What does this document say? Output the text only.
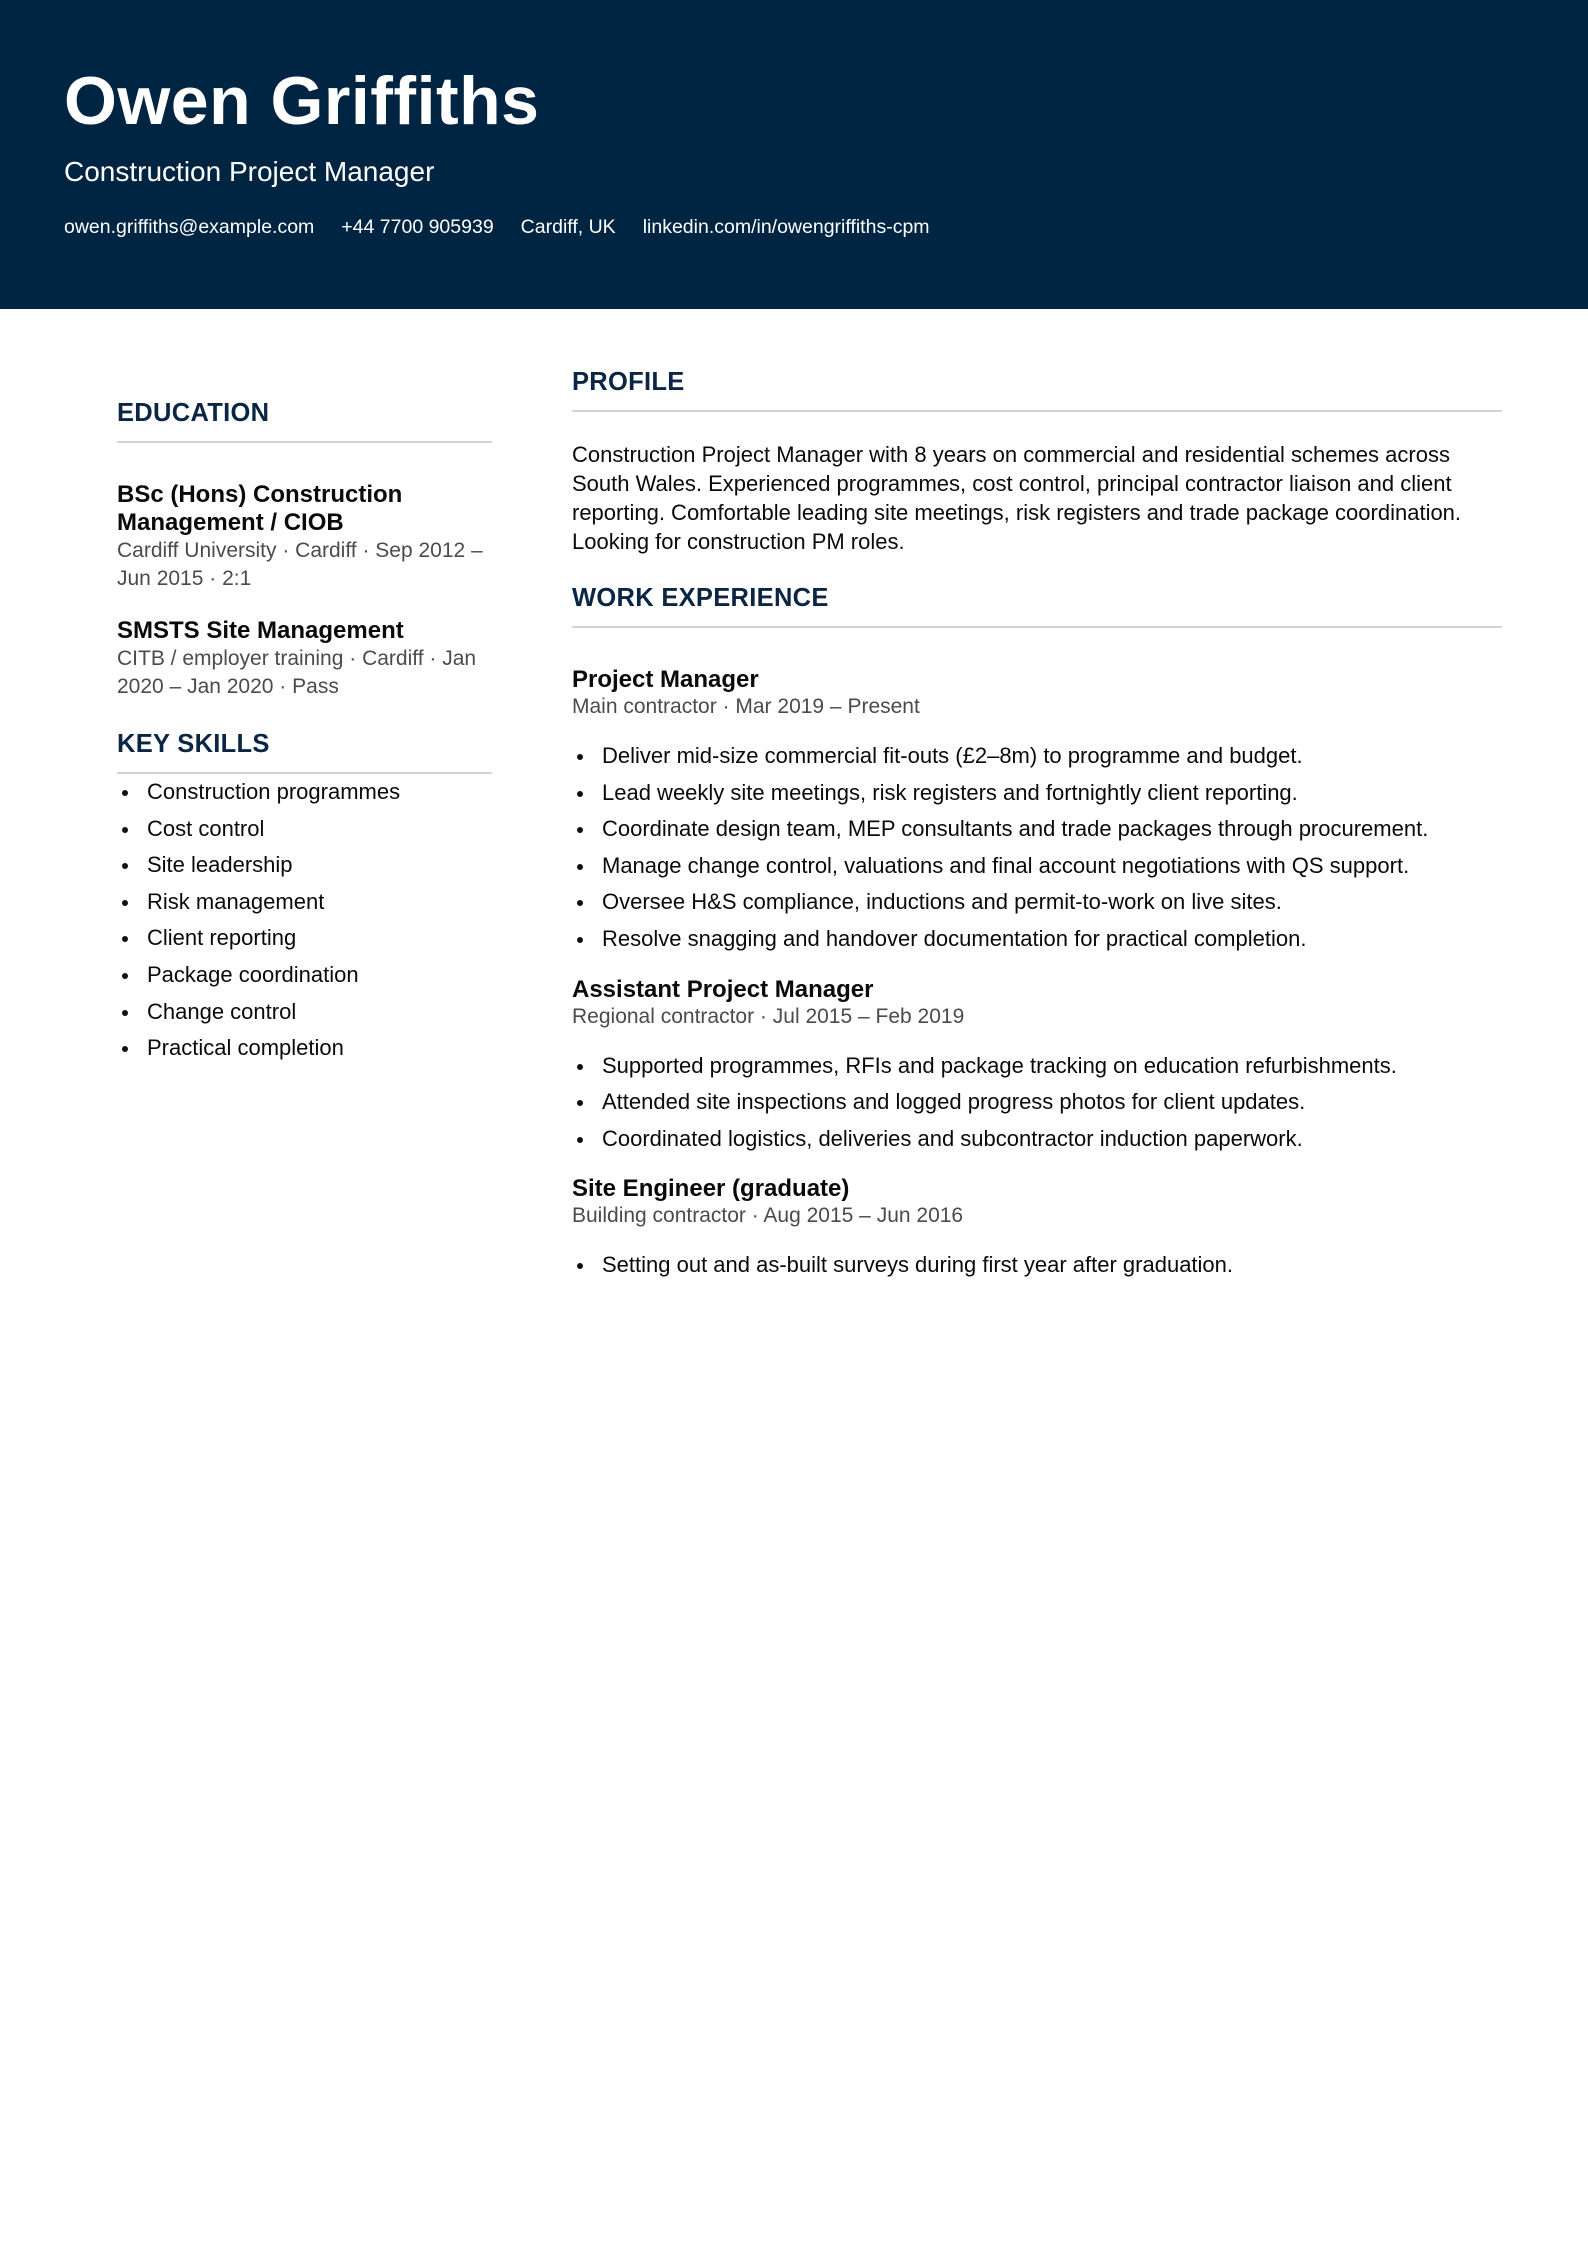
Owen Griffiths
Construction Project Manager
owen.griffiths@example.com +44 7700 905939 Cardiff, UK linkedin.com/in/owengriffiths-cpm
EDUCATION
BSc (Hons) Construction Management / CIOB
Cardiff University · Cardiff · Sep 2012 – Jun 2015 · 2:1
SMSTS Site Management
CITB / employer training · Cardiff · Jan 2020 – Jan 2020 · Pass
KEY SKILLS
Construction programmes
Cost control
Site leadership
Risk management
Client reporting
Package coordination
Change control
Practical completion
PROFILE
Construction Project Manager with 8 years on commercial and residential schemes across South Wales. Experienced programmes, cost control, principal contractor liaison and client reporting. Comfortable leading site meetings, risk registers and trade package coordination. Looking for construction PM roles.
WORK EXPERIENCE
Project Manager
Main contractor · Mar 2019 – Present
Deliver mid-size commercial fit-outs (£2–8m) to programme and budget.
Lead weekly site meetings, risk registers and fortnightly client reporting.
Coordinate design team, MEP consultants and trade packages through procurement.
Manage change control, valuations and final account negotiations with QS support.
Oversee H&S compliance, inductions and permit-to-work on live sites.
Resolve snagging and handover documentation for practical completion.
Assistant Project Manager
Regional contractor · Jul 2015 – Feb 2019
Supported programmes, RFIs and package tracking on education refurbishments.
Attended site inspections and logged progress photos for client updates.
Coordinated logistics, deliveries and subcontractor induction paperwork.
Site Engineer (graduate)
Building contractor · Aug 2015 – Jun 2016
Setting out and as-built surveys during first year after graduation.
